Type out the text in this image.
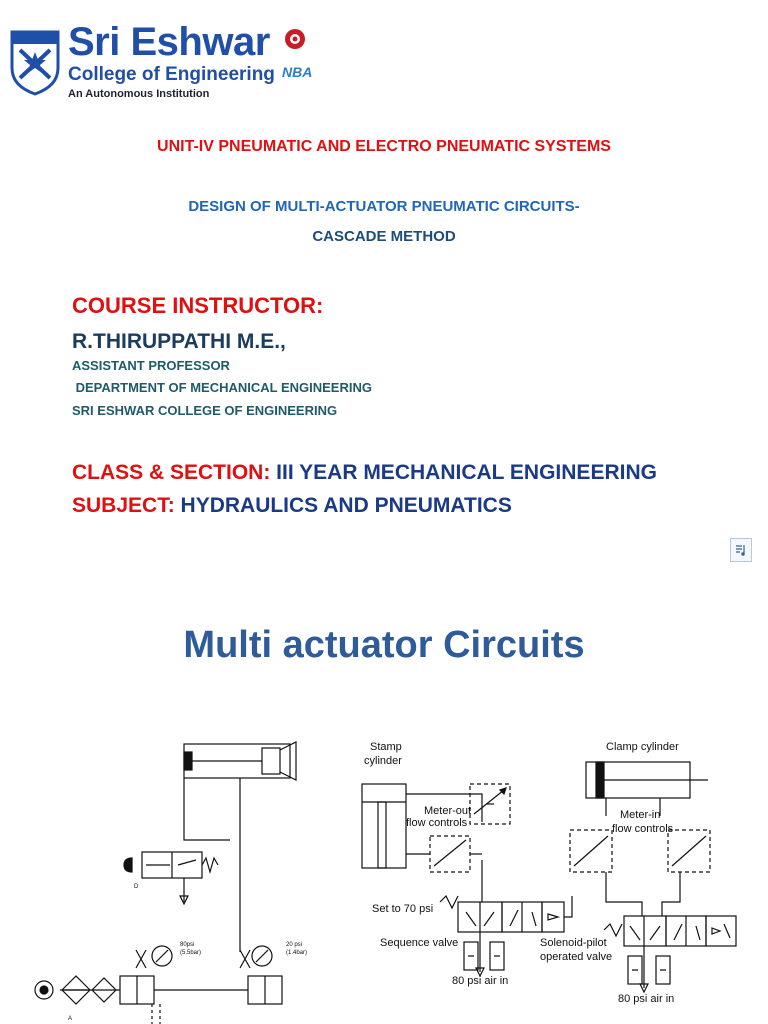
Sri Eshwar
College of Engineering
An Autonomous Institution
NBA
UNIT-IV PNEUMATIC AND ELECTRO PNEUMATIC SYSTEMS
DESIGN OF MULTI-ACTUATOR PNEUMATIC CIRCUITS-
CASCADE METHOD
COURSE INSTRUCTOR:
R.THIRUPPATHI M.E.,
ASSISTANT PROFESSOR
DEPARTMENT OF MECHANICAL ENGINEERING
SRI ESHWAR COLLEGE OF ENGINEERING
CLASS & SECTION: III YEAR MECHANICAL ENGINEERING
SUBJECT: HYDRAULICS AND PNEUMATICS
Multi actuator Circuits
80psi
(5.5bar)
20 psi
(1.4bar)
D
A
Stamp
cylinder
Meter-out
flow controls
Set to 70 psi
Sequence valve
80 psi air in
Clamp cylinder
Meter-in
flow controls
Solenoid-pilot
operated valve
80 psi air in
